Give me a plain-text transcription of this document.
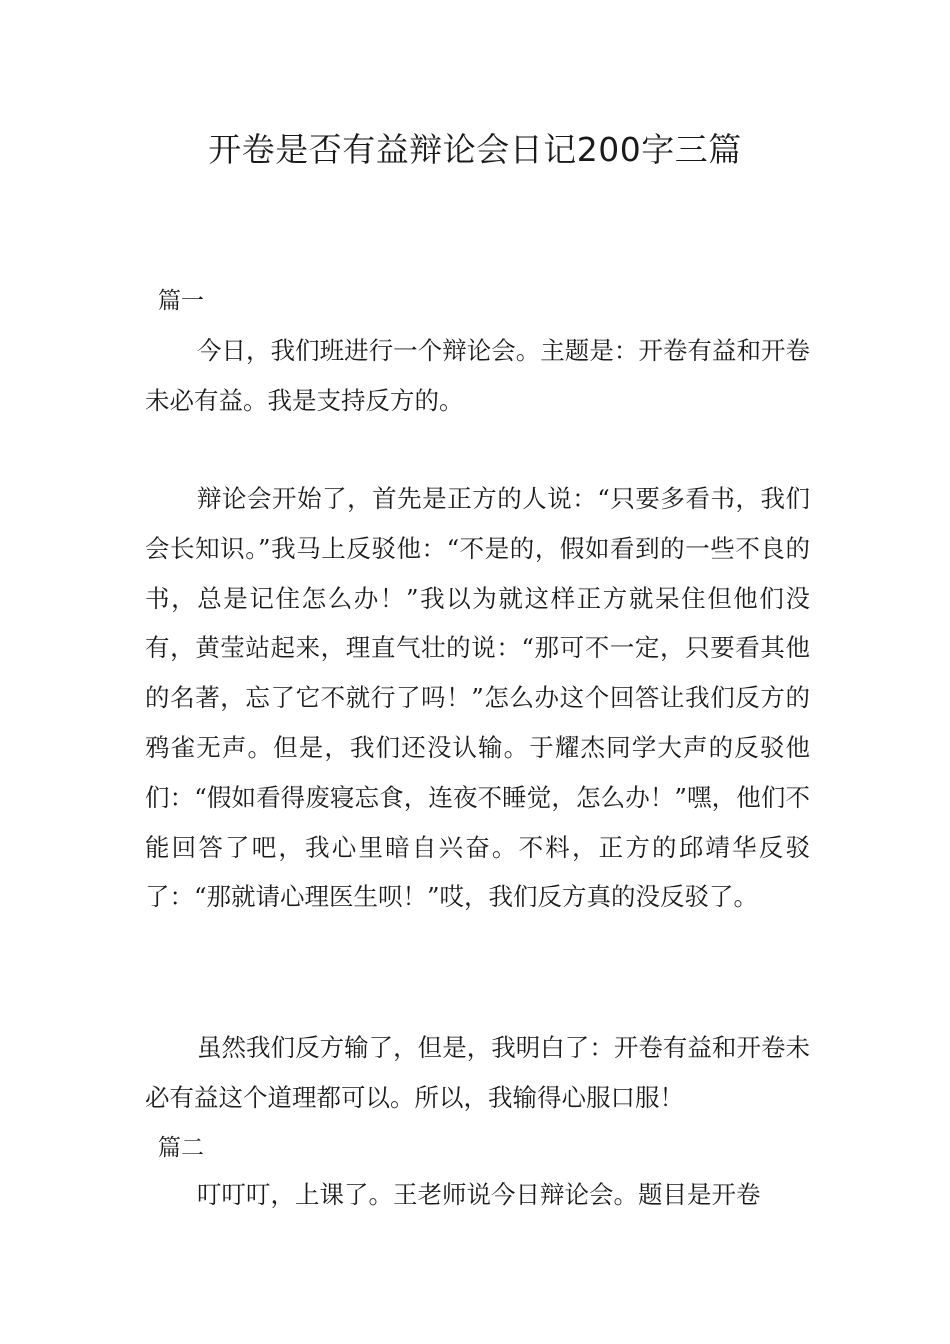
开卷是否有益辩论会日记200字三篇
篇一

今日，我们班进行一个辩论会。主题是：开卷有益和开卷未必有益。我是支持反方的。

辩论会开始了，首先是正方的人说：“只要多看书，我们会长知识。”我马上反驳他：“不是的，假如看到的一些不良的书，总是记住怎么办！”我以为就这样正方就呆住但他们没有，黄莹站起来，理直气壮的说：“那可不一定，只要看其他的名著，忘了它不就行了吗！”怎么办这个回答让我们反方的鸦雀无声。但是，我们还没认输。于耀杰同学大声的反驳他们：“假如看得废寝忘食，连夜不睡觉，怎么办！”嘿，他们不能回答了吧，我心里暗自兴奋。不料，正方的邱靖华反驳了：“那就请心理医生呗！”哎，我们反方真的没反驳了。

虽然我们反方输了，但是，我明白了：开卷有益和开卷未必有益这个道理都可以。所以，我输得心服口服！

篇二

叮叮叮，上课了。王老师说今日辩论会。题目是开卷
